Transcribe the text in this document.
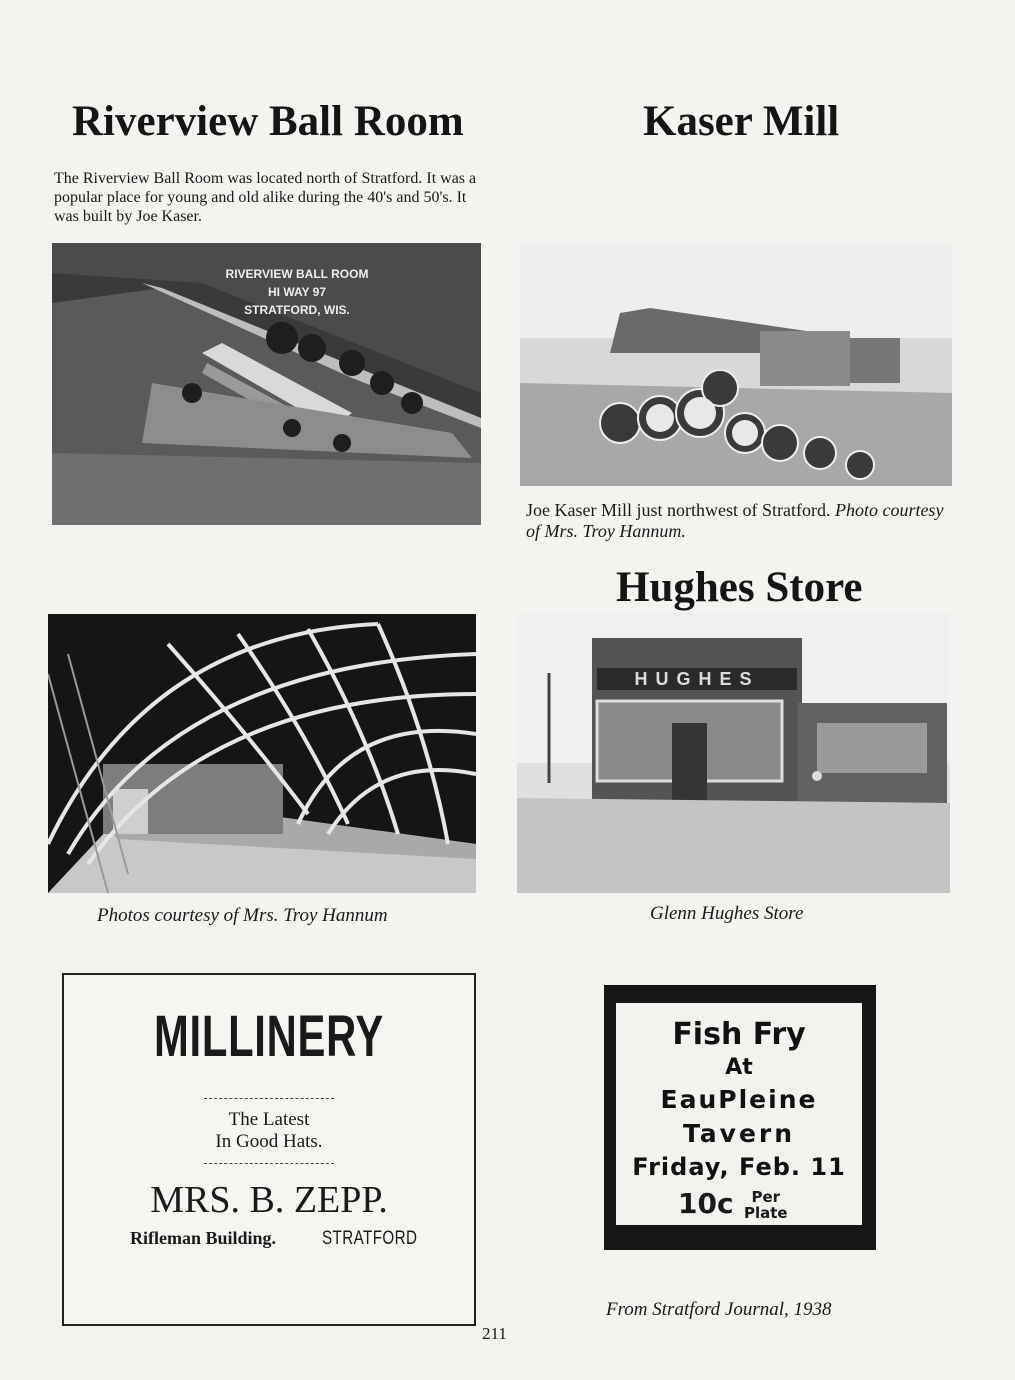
Riverview Ball Room
The Riverview Ball Room was located north of Stratford. It was a popular place for young and old alike during the 40's and 50's. It was built by Joe Kaser.
Kaser Mill
RIVERVIEW BALL ROOM
HI WAY 97
STRATFORD, WIS.
Joe Kaser Mill just northwest of Stratford. Photo courtesy of Mrs. Troy Hannum.
Hughes Store
Photos courtesy of Mrs. Troy Hannum
HUGHES
Glenn Hughes Store
MILLINERY
The Latest
In Good Hats.
MRS. B. ZEPP.
Rifleman Building. STRATFORD
Fish Fry
At
EauPleine
Tavern
Friday, Feb. 11
10c	Per
Plate
From Stratford Journal, 1938
211
